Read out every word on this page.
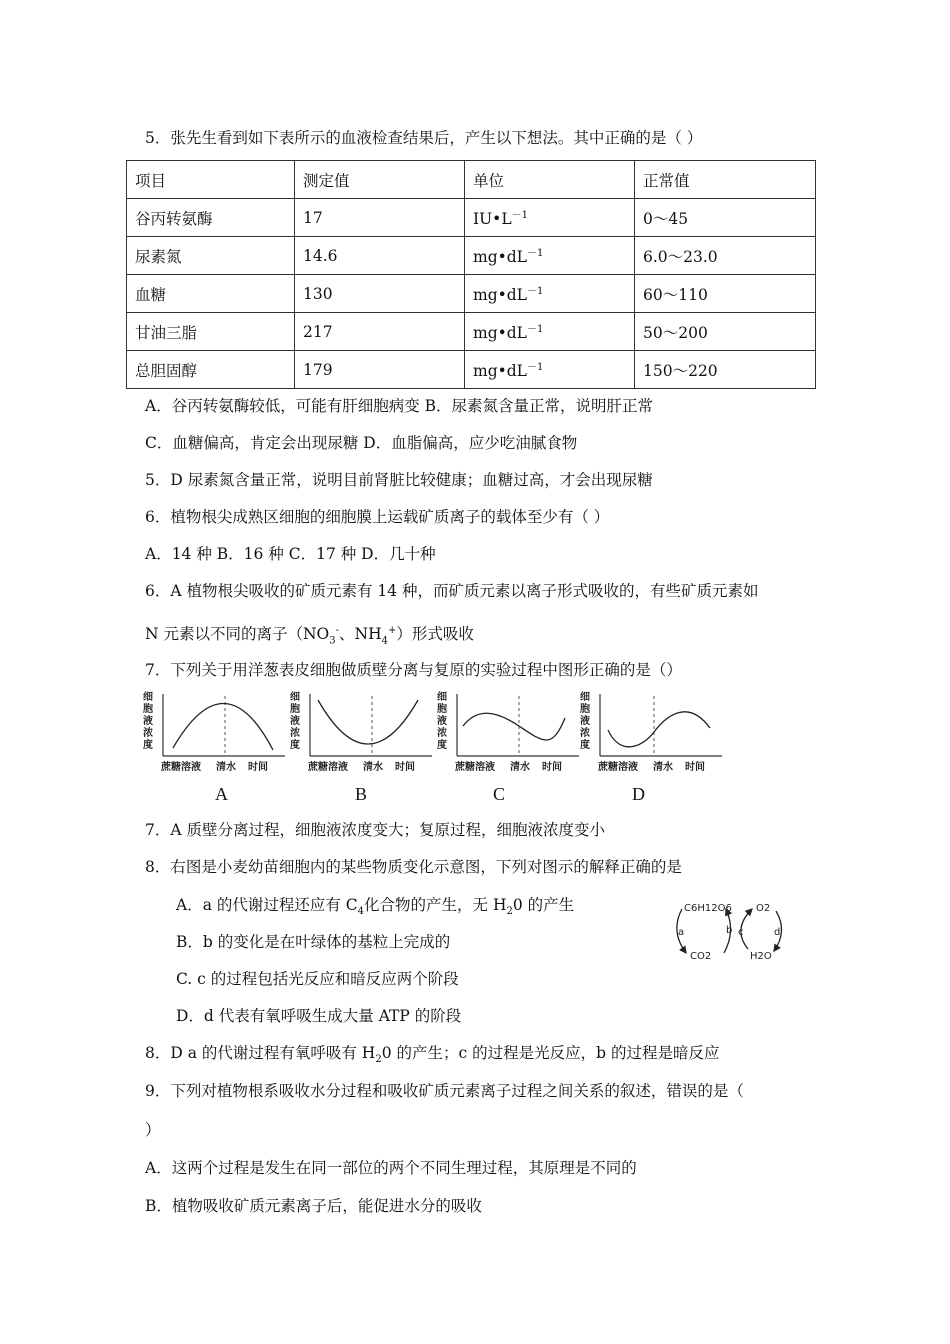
5．张先生看到如下表所示的血液检查结果后，产生以下想法。其中正确的是（ ）
项目	测定值	单位	正常值
谷丙转氨酶	17	$IU•L^{-1}$	0～45
尿素氮	14.6	$mg•dL^{-1}$	6.0～23.0
血糖	130	$mg•dL^{-1}$	60～110
甘油三脂	217	$mg•dL^{-1}$	50～200
总胆固醇	179	$mg•dL^{-1}$	150～220
A．谷丙转氨酶较低，可能有肝细胞病变 B．尿素氮含量正常，说明肝正常
C．血糖偏高，肯定会出现尿糖 D．血脂偏高，应少吃油腻食物
5．D 尿素氮含量正常，说明目前肾脏比较健康；血糖过高，才会出现尿糖
6．植物根尖成熟区细胞的细胞膜上运载矿质离子的载体至少有（ ）
A．14 种 B．16 种 C．17 种 D．几十种
6．A 植物根尖吸收的矿质元素有 14 种，而矿质元素以离子形式吸收的，有些矿质元素如
N 元素以不同的离子（$NO_3^-$、$NH_4^+$）形式吸收
7．下列关于用洋葱表皮细胞做质壁分离与复原的实验过程中图形正确的是（）
细
胞
液
浓
度
蔗糖溶液 清水 时间
细
胞
液
浓
度
蔗糖溶液 清水 时间
细
胞
液
浓
度
蔗糖溶液 清水 时间
细
胞
液
浓
度
蔗糖溶液 清水 时间
A	B	C	D
7．A 质壁分离过程，细胞液浓度变大；复原过程，细胞液浓度变小
8．右图是小麦幼苗细胞内的某些物质变化示意图，下列对图示的解释正确的是
A．a 的代谢过程还应有 $C_4$化合物的产生，无 $H_20$ 的产生
B．b 的变化是在叶绿体的基粒上完成的
C. c 的过程包括光反应和暗反应两个阶段
D．d 代表有氧呼吸生成大量 ATP 的阶段
C6H12O6
CO2
O2
H2O
a	b c	d
8．D a 的代谢过程有氧呼吸有 $H_20$ 的产生；c 的过程是光反应，b 的过程是暗反应
9．下列对植物根系吸收水分过程和吸收矿质元素离子过程之间关系的叙述，错误的是（
）
A．这两个过程是发生在同一部位的两个不同生理过程，其原理是不同的
B．植物吸收矿质元素离子后，能促进水分的吸收
